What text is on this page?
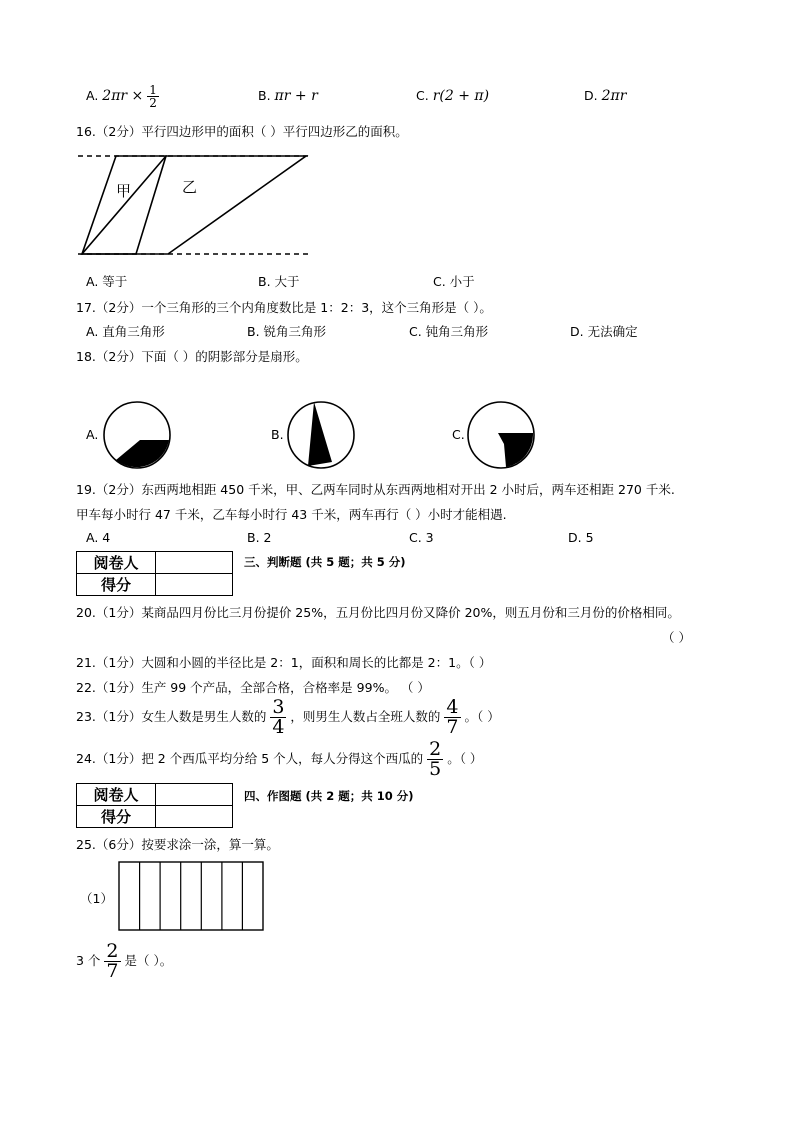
A. $2\pi r \times \frac{1}{2}$	B. πr + r	C. r(2 + π)	D. 2πr
16.（2分）平行四边形甲的面积（ ）平行四边形乙的面积。
甲	乙
A. 等于	B. 大于	C. 小于
17.（2分）一个三角形的三个内角度数比是 1：2：3，这个三角形是（ ）。
A. 直角三角形	B. 锐角三角形	C. 钝角三角形	D. 无法确定
18.（2分）下面（ ）的阴影部分是扇形。
A.	B.	C.
19.（2分）东西两地相距 450 千米，甲、乙两车同时从东西两地相对开出 2 小时后，两车还相距 270 千米.
甲车每小时行 47 千米，乙车每小时行 43 千米，两车再行（ ）小时才能相遇.
A. 4	B. 2	C. 3	D. 5
阅卷人	
得分	
三、判断题 (共 5 题；共 5 分)
20.（1分）某商品四月份比三月份提价 25%，五月份比四月份又降价 20%，则五月份和三月份的价格相同。
（ ）
21.（1分）大圆和小圆的半径比是 2：1，面积和周长的比都是 2：1。（ ）
22.（1分）生产 99 个产品，全部合格，合格率是 99%。 （ ）
23.（1分）女生人数是男生人数的 $\frac{3}{4}$ ，则男生人数占全班人数的 $\frac{4}{7}$ 。（ ）
24.（1分）把 2 个西瓜平均分给 5 个人，每人分得这个西瓜的 $\frac{2}{5}$ 。（ ）
阅卷人	
得分	
四、作图题 (共 2 题；共 10 分)
25.（6分）按要求涂一涂，算一算。
（1）
3 个 $\frac{2}{7}$ 是（ ）。
